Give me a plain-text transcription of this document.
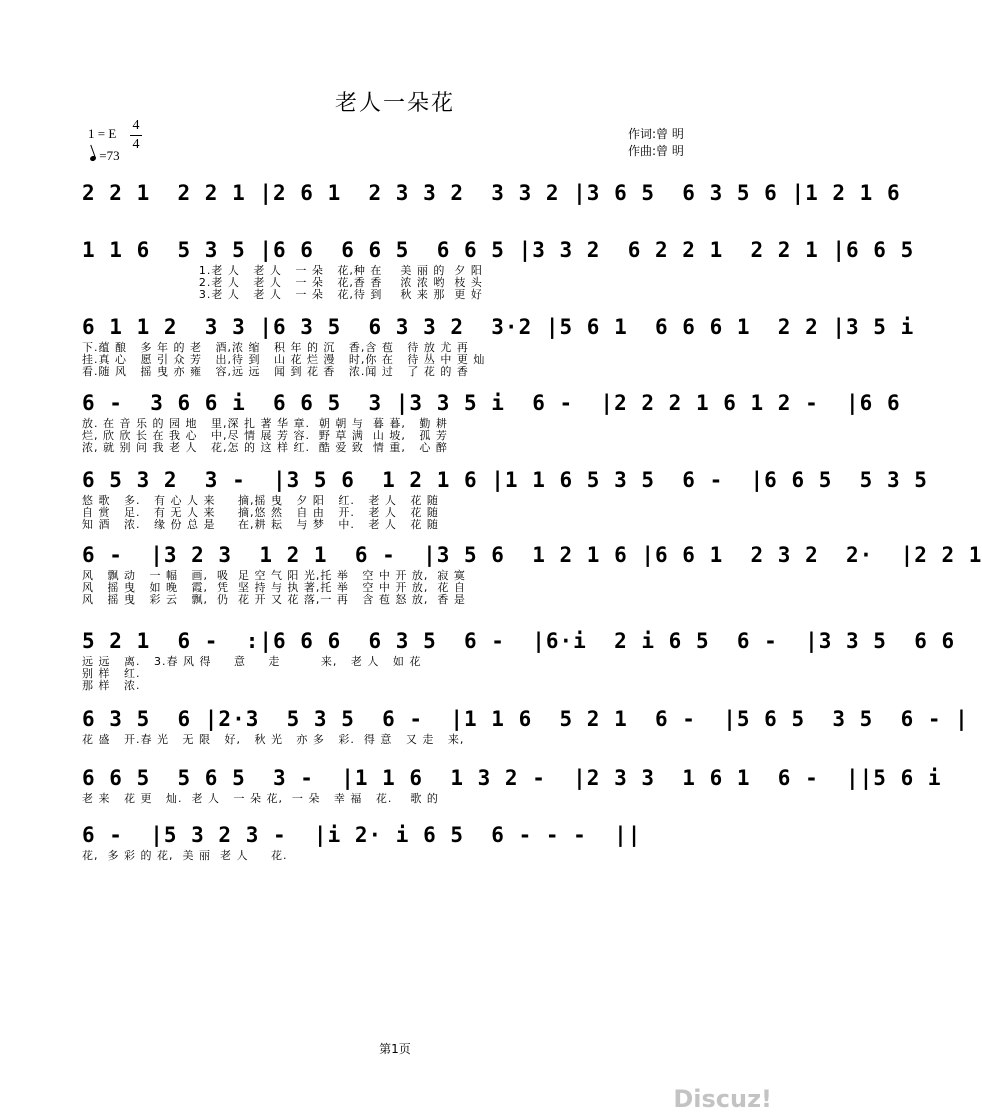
老人一朵花
1 = E
4
4
=73
作词:曾 明
作曲:曾 明
2 2 1  2 2 1 |2 6 1  2 3 3 2  3 3 2 |3 6 5  6 3 5 6 |1 2 1 6
1 1 6  5 3 5 |6 6  6 6 5  6 6 5 |3 3 2  6 2 2 1  2 2 1 |6 6 5
1.老 人   老 人   一 朵   花,种 在    美 丽 的  夕 阳
2.老 人   老 人   一 朵   花,香 香    浓 浓 哟  枝 头
3.老 人   老 人   一 朵   花,待 到    秋 来 那  更 好
6 1 1 2  3 3 |6 3 5  6 3 3 2  3·2 |5 6 1  6 6 6 1  2 2 |3 5 i
下.蕴 酿   多 年 的 老   酒,浓 缩   积 年 的 沉   香,含 苞   待 放 尤 再
挂.真 心   愿 引 众 芳   出,待 到   山 花 烂 漫   时,你 在   待 丛 中 更 灿
看.随 风   摇 曳 亦 雍   容,远 远   闻 到 花 香   浓.闻 过   了 花 的 香
6 -  3 6 6 i  6 6 5  3 |3 3 5 i  6 -  |2 2 2 1 6 1 2 -  |6 6
放. 在 音 乐 的 园 地   里,深 扎 著 华 章.  朝 朝 与  暮 暮,   勤 耕
烂, 欣 欣 长 在 我 心   中,尽 情 展 芳 容.  野 草 满  山 坡,   孤 芳
浓, 就 别 问 我 老 人   花,怎 的 这 样 红.  酷 爱 致  情 重,   心 醉
6 5 3 2  3 -  |3 5 6  1 2 1 6 |1 1 6 5 3 5  6 -  |6 6 5  5 3 5
悠 歌   多.   有 心 人 来     摘,摇 曳   夕 阳   红.   老 人   花 随
自 赏   足.   有 无 人 来     摘,悠 然   自 由   开.   老 人   花 随
知 酒   浓.   缘 份 总 是     在,耕 耘   与 梦   中.   老 人   花 随
6 -  |3 2 3  1 2 1  6 -  |3 5 6  1 2 1 6 |6 6 1  2 3 2  2·  |2 2 1
风   飘 动   一 幅   画,  吸  足 空 气 阳 光,托 举   空 中 开 放,  寂 寞
风   摇 曳   如 晚   霞,  凭  坚 持 与 执 著,托 举   空 中 开 放,  花 自
风   摇 曳   彩 云   飘,  仍  花 开 又 花 落,一 再   含 苞 怒 放,  香 是
5 2 1  6 -  :|6 6 6  6 3 5  6 -  |6·i  2 i 6 5  6 -  |3 3 5  6 6
远 远   离.   3.春 风 得     意     走         来,   老 人   如 花
别 样   红.
那 样   浓.
6 3 5  6 |2·3  5 3 5  6 -  |1 1 6  5 2 1  6 -  |5 6 5  3 5  6 - |
花 盛   开.春 光   无 限   好,   秋 光   亦 多   彩.  得 意   又 走   来,
6 6 5  5 6 5  3 -  |1 1 6  1 3 2 -  |2 3 3  1 6 1  6 -  ||5 6 i
老 来   花 更   灿.  老 人   一 朵 花,  一 朵   幸 福   花.    歌 的
6 -  |5 3 2 3 -  |i 2· i 6 5  6 - - -  ||
花,  多 彩 的 花,  美 丽  老 人     花.
第1页
Discuz!
